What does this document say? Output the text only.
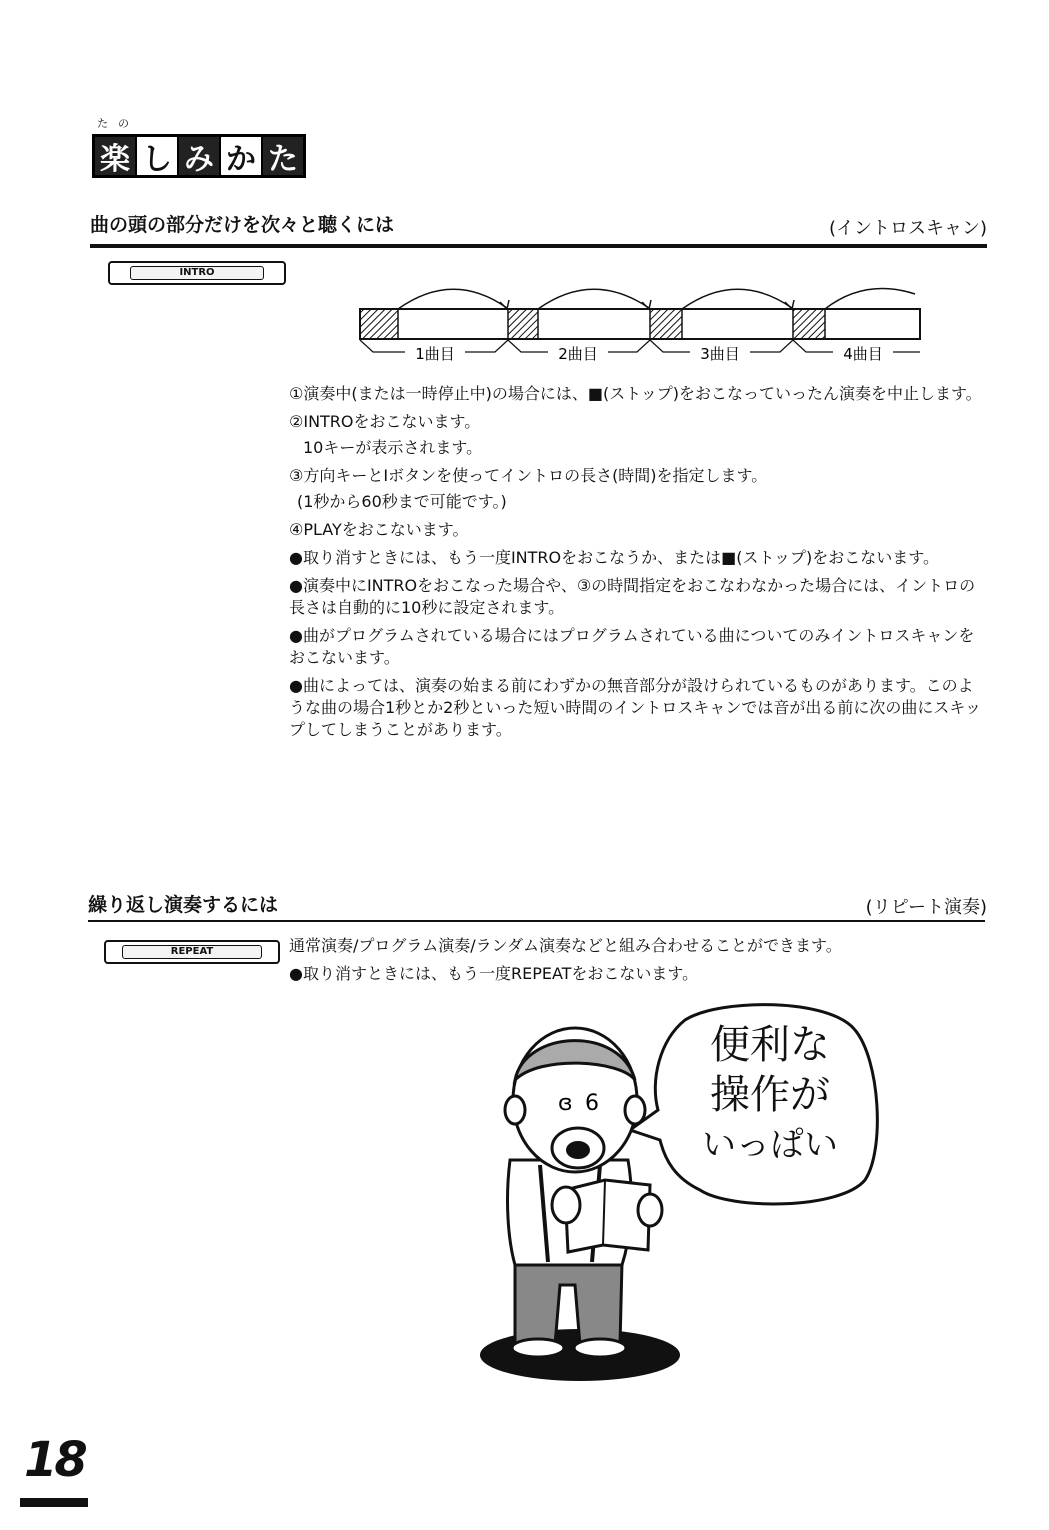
たの
楽 し み か た
曲の頭の部分だけを次々と聴くには	(イントロスキャン)
INTRO
1曲目	2曲目	3曲目	4曲目

①演奏中(または一時停止中)の場合には、■(ストップ)をおこなっていったん演奏を中止します。

②INTROをおこないます。

10キーが表示されます。

③方向キーとIボタンを使ってイントロの長さ(時間)を指定します。

(1秒から60秒まで可能です。)

④PLAYをおこないます。

●取り消すときには、もう一度INTROをおこなうか、または■(ストップ)をおこないます。

●演奏中にINTROをおこなった場合や、③の時間指定をおこなわなかった場合には、イントロの長さは自動的に10秒に設定されます。

●曲がプログラムされている場合にはプログラムされている曲についてのみイントロスキャンをおこないます。

●曲によっては、演奏の始まる前にわずかの無音部分が設けられているものがあります。このような曲の場合1秒とか2秒といった短い時間のイントロスキャンでは音が出る前に次の曲にスキップしてしまうことがあります。

繰り返し演奏するには	(リピート演奏)
REPEAT	通常演奏/プログラム演奏/ランダム演奏などと組み合わせることができます。

●取り消すときには、もう一度REPEATをおこないます。

ɞ 6
便利な
操作が
いっぱい
18
